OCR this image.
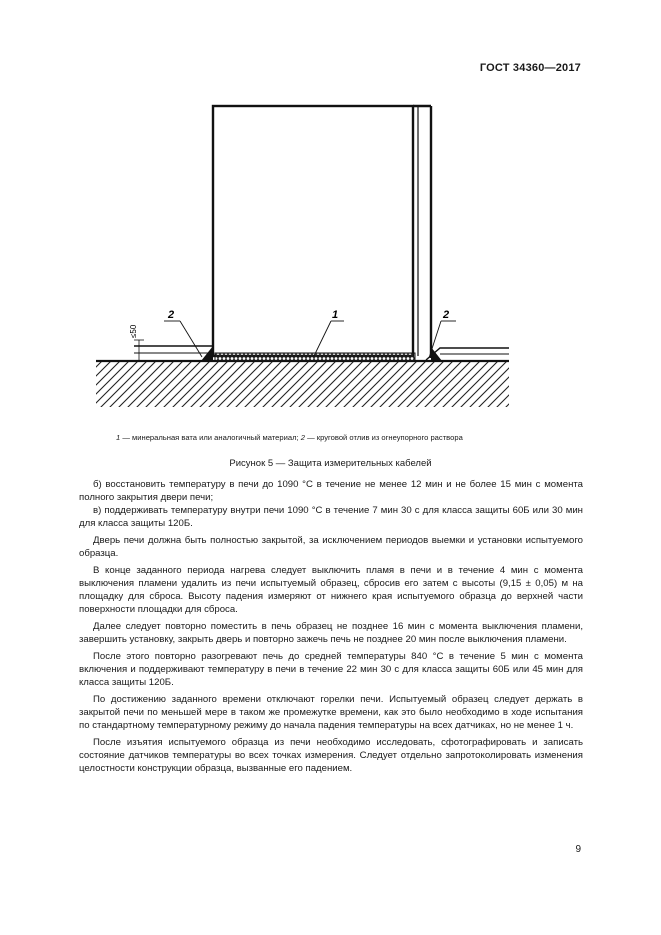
ГОСТ 34360—2017
≤50
2	1	2
1 — минеральная вата или аналогичный материал; 2 — круговой отлив из огнеупорного раствора
Рисунок 5 — Защита измерительных кабелей

б) восстановить температуру в печи до 1090 °С в течение не менее 12 мин и не более 15 мин с момента полного закрытия двери печи;

в) поддерживать температуру внутри печи 1090 °С в течение 7 мин 30 с для класса защиты 60Б или 30 мин для класса защиты 120Б.

Дверь печи должна быть полностью закрытой, за исключением периодов выемки и установки испытуемого образца.

В конце заданного периода нагрева следует выключить пламя в печи и в течение 4 мин с момента выключения пламени удалить из печи испытуемый образец, сбросив его затем с высоты (9,15 ± 0,05) м на площадку для сброса. Высоту падения измеряют от нижнего края испытуемого образца до верхней части поверхности площадки для сброса.

Далее следует повторно поместить в печь образец не позднее 16 мин с момента выключения пламени, завершить установку, закрыть дверь и повторно зажечь печь не позднее 20 мин после выключения пламени.

После этого повторно разогревают печь до средней температуры 840 °С в течение 5 мин с момента включения и поддерживают температуру в печи в течение 22 мин 30 с для класса защиты 60Б или 45 мин для класса защиты 120Б.

По достижению заданного времени отключают горелки печи. Испытуемый образец следует держать в закрытой печи по меньшей мере в таком же промежутке времени, как это было необходимо в ходе испытания по стандартному температурному режиму до начала падения температуры на всех датчиках, но не менее 1 ч.

После изъятия испытуемого образца из печи необходимо исследовать, сфотографировать и записать состояние датчиков температуры во всех точках измерения. Следует отдельно запротоколировать изменения целостности конструкции образца, вызванные его падением.

9
